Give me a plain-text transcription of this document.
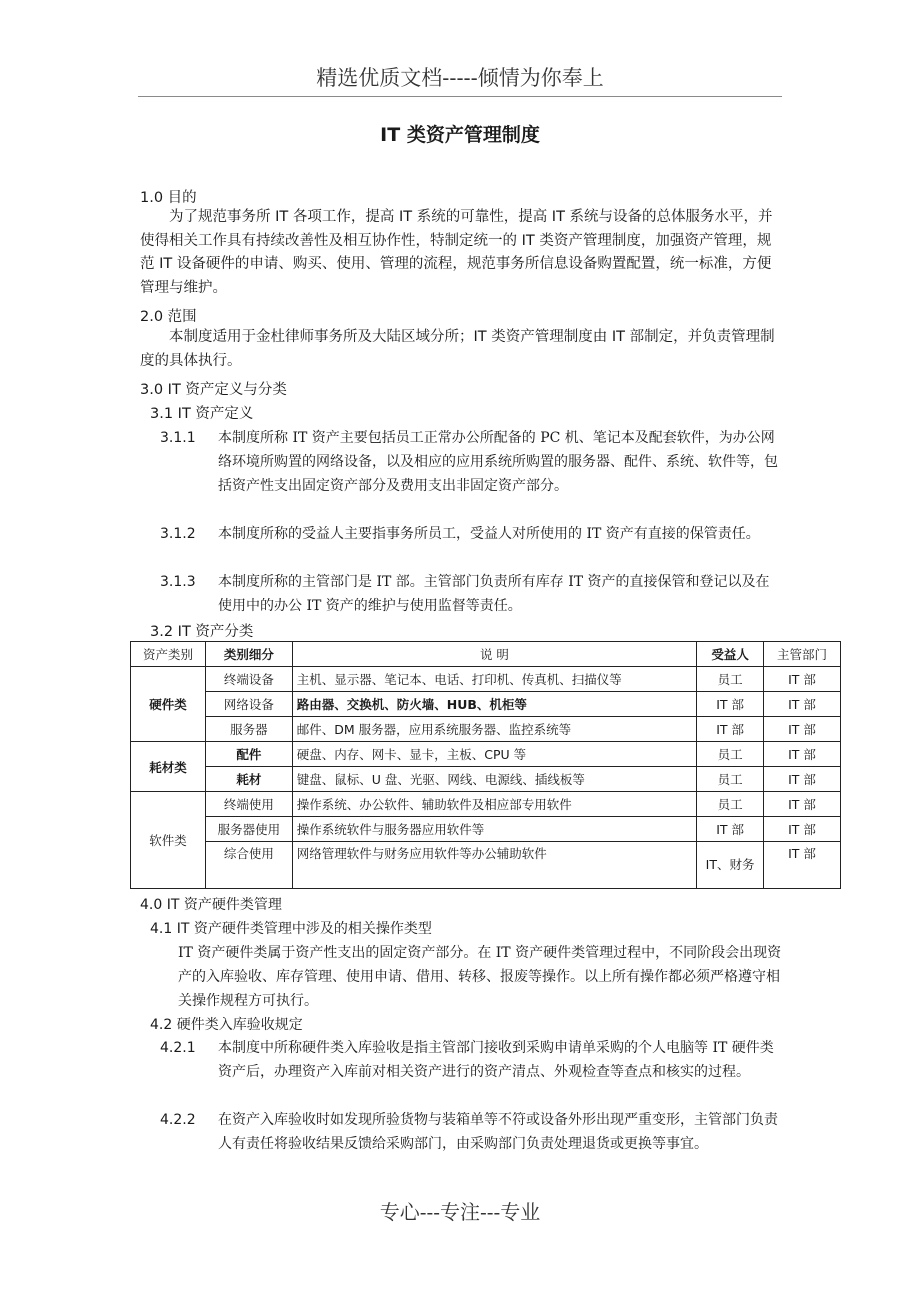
精选优质文档-----倾情为你奉上
IT 类资产管理制度
1.0 目的
为了规范事务所 IT 各项工作，提高 IT 系统的可靠性，提高 IT 系统与设备的总体服务水平，并使得相关工作具有持续改善性及相互协作性，特制定统一的 IT 类资产管理制度，加强资产管理，规范 IT 设备硬件的申请、购买、使用、管理的流程，规范事务所信息设备购置配置，统一标准，方便管理与维护。
2.0 范围
本制度适用于金杜律师事务所及大陆区域分所；IT 类资产管理制度由 IT 部制定，并负责管理制度的具体执行。
3.0 IT 资产定义与分类
3.1 IT 资产定义
3.1.1	本制度所称 IT 资产主要包括员工正常办公所配备的 PC 机、笔记本及配套软件，为办公网络环境所购置的网络设备，以及相应的应用系统所购置的服务器、配件、系统、软件等，包括资产性支出固定资产部分及费用支出非固定资产部分。
3.1.2	本制度所称的受益人主要指事务所员工，受益人对所使用的 IT 资产有直接的保管责任。
3.1.3	本制度所称的主管部门是 IT 部。主管部门负责所有库存 IT 资产的直接保管和登记以及在使用中的办公 IT 资产的维护与使用监督等责任。
3.2 IT 资产分类
资产类别	类别细分	说 明	受益人	主管部门
硬件类	终端设备	主机、显示器、笔记本、电话、打印机、传真机、扫描仪等	员工	IT 部
	网络设备	路由器、交换机、防火墙、HUB、机柜等	IT 部	IT 部
	服务器	邮件、DM 服务器，应用系统服务器、监控系统等	IT 部	IT 部
耗材类	配件	硬盘、内存、网卡、显卡，主板、CPU 等	员工	IT 部
	耗材	键盘、鼠标、U 盘、光驱、网线、电源线、插线板等	员工	IT 部
软件类	终端使用	操作系统、办公软件、辅助软件及相应部专用软件	员工	IT 部
	服务器使用	操作系统软件与服务器应用软件等	IT 部	IT 部
	综合使用	网络管理软件与财务应用软件等办公辅助软件	IT、财务	IT 部
4.0 IT 资产硬件类管理
4.1 IT 资产硬件类管理中涉及的相关操作类型
IT 资产硬件类属于资产性支出的固定资产部分。在 IT 资产硬件类管理过程中，不同阶段会出现资产的入库验收、库存管理、使用申请、借用、转移、报废等操作。以上所有操作都必须严格遵守相关操作规程方可执行。
4.2 硬件类入库验收规定
4.2.1	本制度中所称硬件类入库验收是指主管部门接收到采购申请单采购的个人电脑等 IT 硬件类资产后，办理资产入库前对相关资产进行的资产清点、外观检查等查点和核实的过程。
4.2.2	在资产入库验收时如发现所验货物与装箱单等不符或设备外形出现严重变形，主管部门负责人有责任将验收结果反馈给采购部门，由采购部门负责处理退货或更换等事宜。
专心---专注---专业
